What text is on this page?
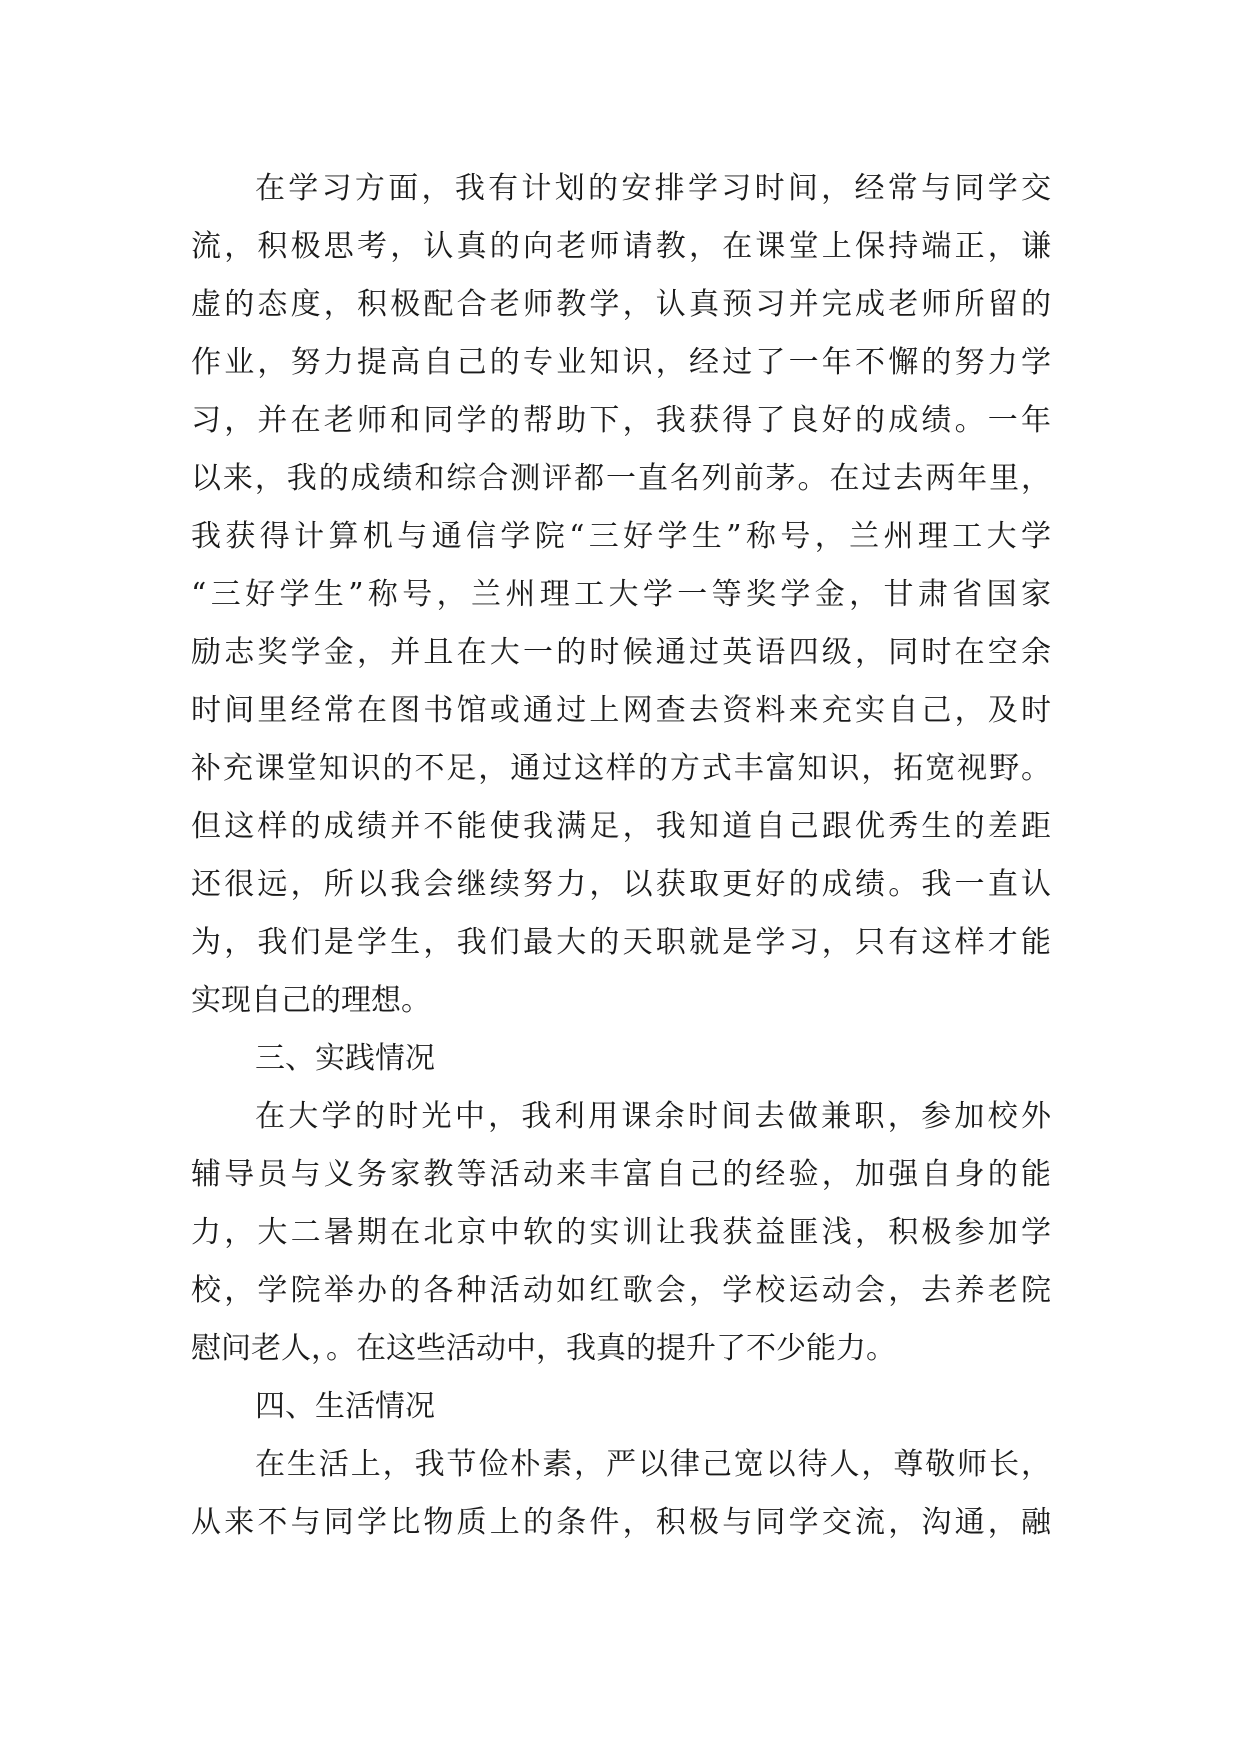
在学习方面，我有计划的安排学习时间，经常与同学交
流，积极思考，认真的向老师请教，在课堂上保持端正，谦
虚的态度，积极配合老师教学，认真预习并完成老师所留的
作业，努力提高自己的专业知识，经过了一年不懈的努力学
习，并在老师和同学的帮助下，我获得了良好的成绩。一年
以来，我的成绩和综合测评都一直名列前茅。在过去两年里，
我获得计算机与通信学院“三好学生”称号，兰州理工大学
“三好学生”称号，兰州理工大学一等奖学金，甘肃省国家
励志奖学金，并且在大一的时候通过英语四级，同时在空余
时间里经常在图书馆或通过上网查去资料来充实自己，及时
补充课堂知识的不足，通过这样的方式丰富知识，拓宽视野。
但这样的成绩并不能使我满足，我知道自己跟优秀生的差距
还很远，所以我会继续努力，以获取更好的成绩。我一直认
为，我们是学生，我们最大的天职就是学习，只有这样才能
实现自己的理想。
三、实践情况
在大学的时光中，我利用课余时间去做兼职，参加校外
辅导员与义务家教等活动来丰富自己的经验，加强自身的能
力，大二暑期在北京中软的实训让我获益匪浅，积极参加学
校，学院举办的各种活动如红歌会，学校运动会，去养老院
慰问老人，。在这些活动中，我真的提升了不少能力。
四、生活情况
在生活上，我节俭朴素，严以律己宽以待人，尊敬师长，
从来不与同学比物质上的条件，积极与同学交流，沟通，融
